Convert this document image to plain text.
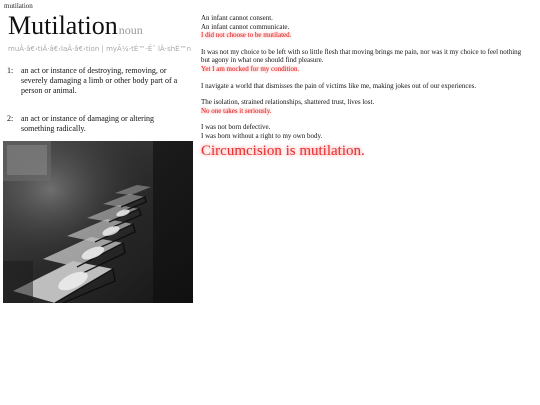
mutilation
Mutilationnoun
muÂ·â€‹tiÂ·â€‹laÂ·â€‹tion | myÃ¼-tÉ™-Ëˆ lÄ-shÉ™n
1: an act or instance of destroying, removing, or severely damaging a limb or other body part of a person or animal.
2: an act or instance of damaging or altering something radically.
An infant cannot consent.
An infant cannot communicate.
I did not choose to be mutilated.
It was not my choice to be left with so little flesh that moving brings me pain, nor was it my choice to feel nothing but agony in what one should find pleasure.
Yet I am mocked for my condition.
I navigate a world that dismisses the pain of victims like me, making jokes out of our experiences.
The isolation, strained relationships, shattered trust, lives lost.
No one takes it seriously.
I was not born defective.
I was born without a right to my own body.
Circumcision is mutilation.
